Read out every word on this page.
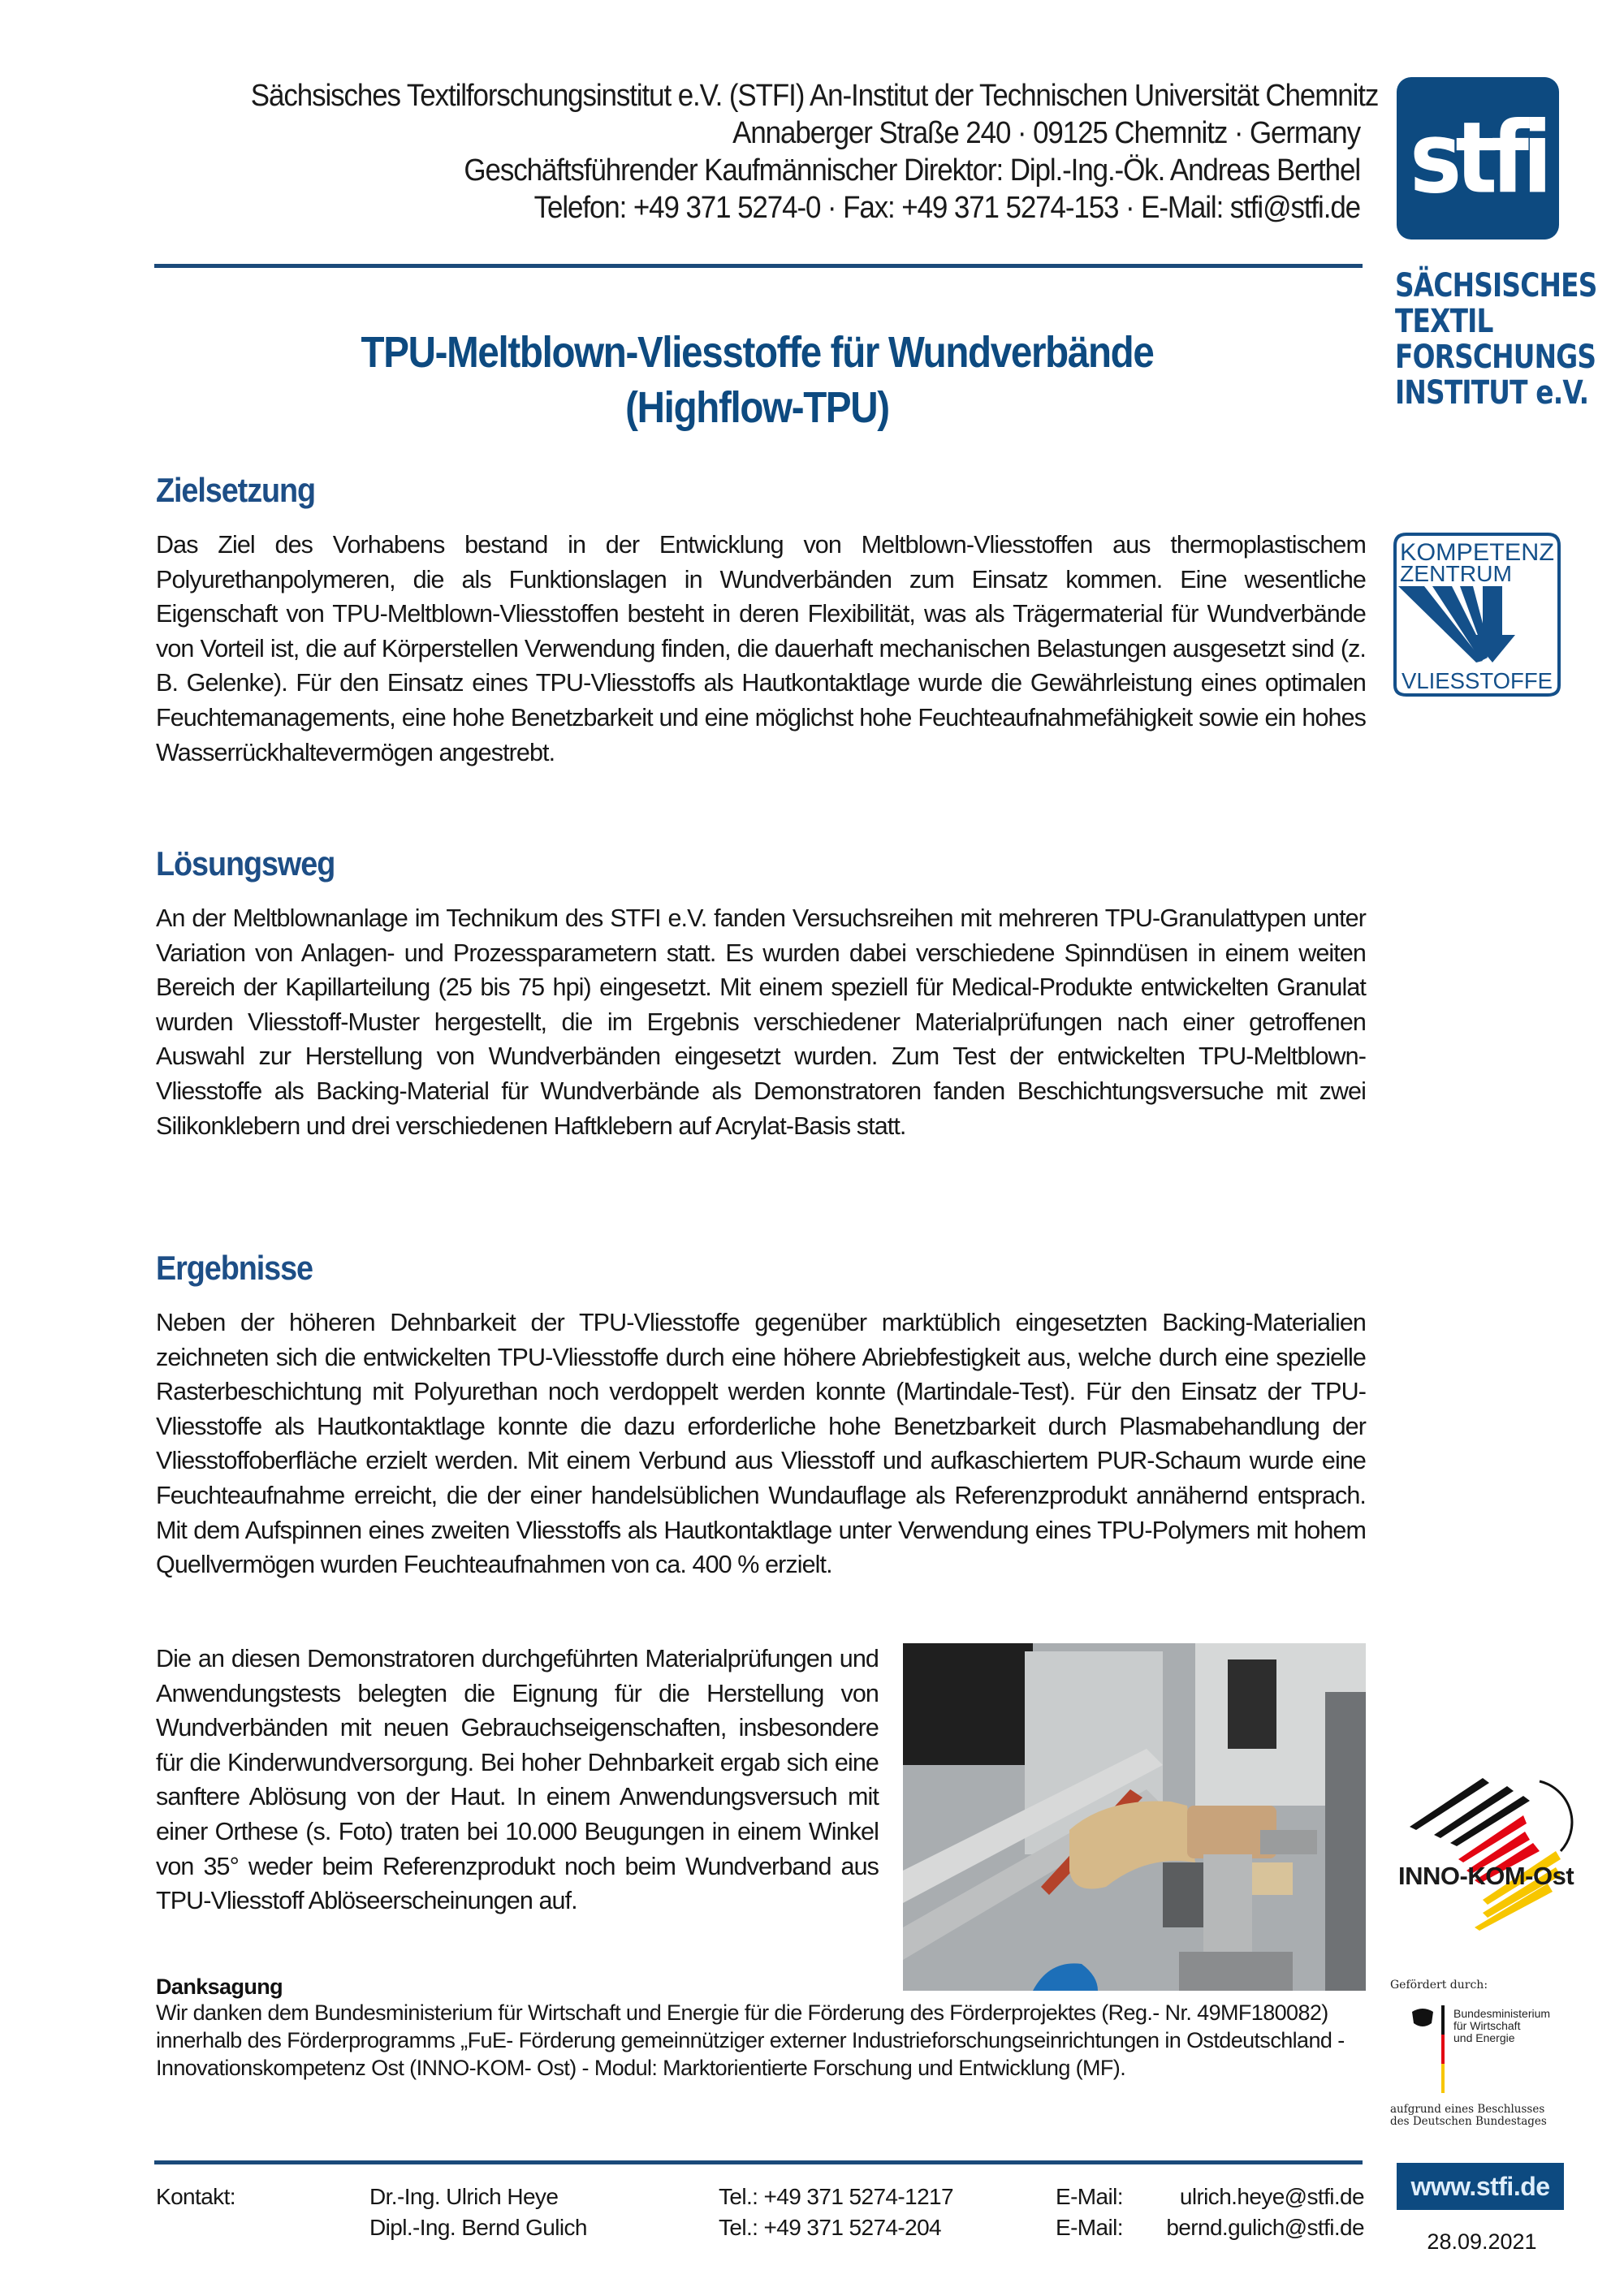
Sächsisches Textilforschungsinstitut e.V. (STFI) An-Institut der Technischen Universität Chemnitz
Annaberger Straße 240 · 09125 Chemnitz · Germany
Geschäftsführender Kaufmännischer Direktor: Dipl.-Ing.-Ök. Andreas Berthel
Telefon: +49 371 5274-0 · Fax: +49 371 5274-153 · E-Mail: stfi@stfi.de stfi
SÄCHSISCHES
TEXTIL
FORSCHUNGS
INSTITUT e.V.
KOMPETENZ
ZENTRUM
VLIESSTOFFE
TPU-Meltblown-Vliesstoffe für Wundverbände
(Highflow-TPU)
Zielsetzung
Das Ziel des Vorhabens bestand in der Entwicklung von Meltblown-Vliesstoffen aus thermoplastischem Polyurethanpolymeren, die als Funktionslagen in Wundverbänden zum Einsatz kommen. Eine wesentliche Eigenschaft von TPU-Meltblown-Vliesstoffen besteht in deren Flexibilität, was als Trägermaterial für Wundverbände von Vorteil ist, die auf Körperstellen Verwendung finden, die dauerhaft mechanischen Belastungen ausgesetzt sind (z. B. Gelenke). Für den Einsatz eines TPU-Vliesstoffs als Hautkontaktlage wurde die Gewährleistung eines optimalen Feuchtemanagements, eine hohe Benetzbarkeit und eine möglichst hohe Feuchteaufnahmefähigkeit sowie ein hohes Wasserrückhaltevermögen angestrebt.
Lösungsweg
An der Meltblownanlage im Technikum des STFI e.V. fanden Versuchsreihen mit mehreren TPU-Granulattypen unter Variation von Anlagen- und Prozessparametern statt. Es wurden dabei verschiedene Spinndüsen in einem weiten Bereich der Kapillarteilung (25 bis 75 hpi) eingesetzt. Mit einem speziell für Medical-Produkte entwickelten Granulat wurden Vliesstoff-Muster hergestellt, die im Ergebnis verschiedener Materialprüfungen nach einer getroffenen Auswahl zur Herstellung von Wundverbänden eingesetzt wurden. Zum Test der entwickelten TPU-Meltblown-Vliesstoffe als Backing-Material für Wundverbände als Demonstratoren fanden Beschichtungsversuche mit zwei Silikonklebern und drei verschiedenen Haftklebern auf Acrylat-Basis statt.
Ergebnisse
Neben der höheren Dehnbarkeit der TPU-Vliesstoffe gegenüber marktüblich eingesetzten Backing-Materialien zeichneten sich die entwickelten TPU-Vliesstoffe durch eine höhere Abriebfestigkeit aus, welche durch eine spezielle Rasterbeschichtung mit Polyurethan noch verdoppelt werden konnte (Martindale-Test). Für den Einsatz der TPU-Vliesstoffe als Hautkontaktlage konnte die dazu erforderliche hohe Benetzbarkeit durch Plasmabehandlung der Vliesstoffoberfläche erzielt werden. Mit einem Verbund aus Vliesstoff und aufkaschiertem PUR-Schaum wurde eine Feuchteaufnahme erreicht, die der einer handelsüblichen Wundauflage als Referenzprodukt annähernd entsprach. Mit dem Aufspinnen eines zweiten Vliesstoffs als Hautkontaktlage unter Verwendung eines TPU-Polymers mit hohem Quellvermögen wurden Feuchteaufnahmen von ca. 400 % erzielt.
Die an diesen Demonstratoren durchgeführten Materialprüfungen und Anwendungstests belegten die Eignung für die Herstellung von Wundverbänden mit neuen Gebrauchseigenschaften, insbesondere für die Kinderwundversorgung. Bei hoher Dehnbarkeit ergab sich eine sanftere Ablösung von der Haut. In einem Anwendungsversuch mit einer Orthese (s. Foto) traten bei 10.000 Beugungen in einem Winkel von 35° weder beim Referenzprodukt noch beim Wundverband aus TPU-Vliesstoff Ablöseerscheinungen auf.
Danksagung
Wir danken dem Bundesministerium für Wirtschaft und Energie für die Förderung des Förderprojektes (Reg.- Nr. 49MF180082) innerhalb des Förderprogramms „FuE- Förderung gemeinnütziger externer Industrieforschungseinrichtungen in Ostdeutschland - Innovationskompetenz Ost (INNO-KOM- Ost) - Modul: Marktorientierte Forschung und Entwicklung (MF).
INNO-KOM-Ost
Gefördert durch:
Bundesministerium
für Wirtschaft
und Energie
aufgrund eines Beschlusses
des Deutschen Bundestages
Kontakt:	Dr.-Ing. Ulrich Heye	Tel.: +49 371 5274-1217	E-Mail:	ulrich.heye@stfi.de
Dipl.-Ing. Bernd Gulich	Tel.: +49 371 5274-204	E-Mail:	bernd.gulich@stfi.de
www.stfi.de
28.09.2021
